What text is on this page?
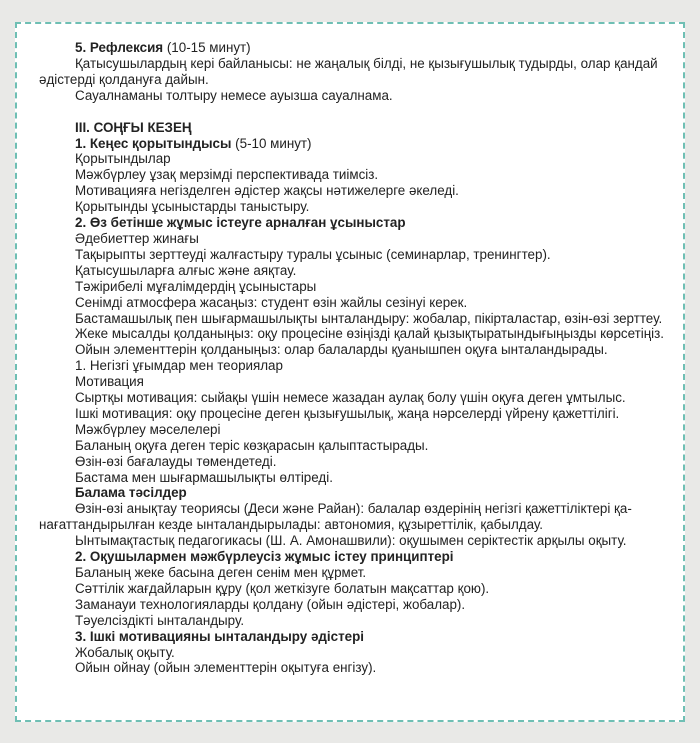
5. Рефлексия (10-15 минут)

Қатысушылардың кері байланысы: не жаңалық білді, не қызығушылық тудырды, олар қандай әдістерді қолдануға дайын.

Сауалнаманы толтыру немесе ауызша сауалнама.

III. СОҢҒЫ КЕЗЕҢ

1. Кеңес қорытындысы (5-10 минут)

Қорытындылар

Мәжбүрлеу ұзақ мерзімді перспективада тиімсіз.

Мотивацияға негізделген әдістер жақсы нәтижелерге әкеледі.

Қорытынды ұсыныстарды таныстыру.

2. Өз бетінше жұмыс істеуге арналған ұсыныстар

Әдебиеттер жинағы

Тақырыпты зерттеуді жалғастыру туралы ұсыныс (семинарлар, тренингтер).

Қатысушыларға алғыс және аяқтау.

Тәжірибелі мұғалімдердің ұсыныстары

Сенімді атмосфера жасаңыз: студент өзін жайлы сезінуі керек.

Бастамашылық пен шығармашылықты ынталандыру: жобалар, пікірталастар, өзін-өзі зерттеу.

Жеке мысалды қолданыңыз: оқу процесіне өзіңізді қалай қызықтыратындығыңызды көрсетіңіз.

Ойын элементтерін қолданыңыз: олар балаларды қуанышпен оқуға ынталандырады.

1. Негізгі ұғымдар мен теориялар

Мотивация

Сыртқы мотивация: сыйақы үшін немесе жазадан аулақ болу үшін оқуға деген ұмтылыс.

Ішкі мотивация: оқу процесіне деген қызығушылық, жаңа нәрселерді үйрену қажеттілігі.

Мәжбүрлеу мәселелері

Баланың оқуға деген теріс көзқарасын қалыптастырады.

Өзін-өзі бағалауды төмендетеді.

Бастама мен шығармашылықты өлтіреді.

Балама тәсілдер

Өзін-өзі анықтау теориясы (Деси және Райан): балалар өздерінің негізгі қажеттіліктері қанағаттандырылған кезде ынталандырылады: автономия, құзыреттілік, қабылдау.

Ынтымақтастық педагогикасы (Ш. А. Амонашвили): оқушымен серіктестік арқылы оқыту.

2. Оқушылармен мәжбүрлеусіз жұмыс істеу принциптері

Баланың жеке басына деген сенім мен құрмет.

Сәттілік жағдайларын құру (қол жеткізуге болатын мақсаттар қою).

Заманауи технологияларды қолдану (ойын әдістері, жобалар).

Тәуелсіздікті ынталандыру.

3. Ішкі мотивацияны ынталандыру әдістері

Жобалық оқыту.

Ойын ойнау (ойын элементтерін оқытуға енгізу).
